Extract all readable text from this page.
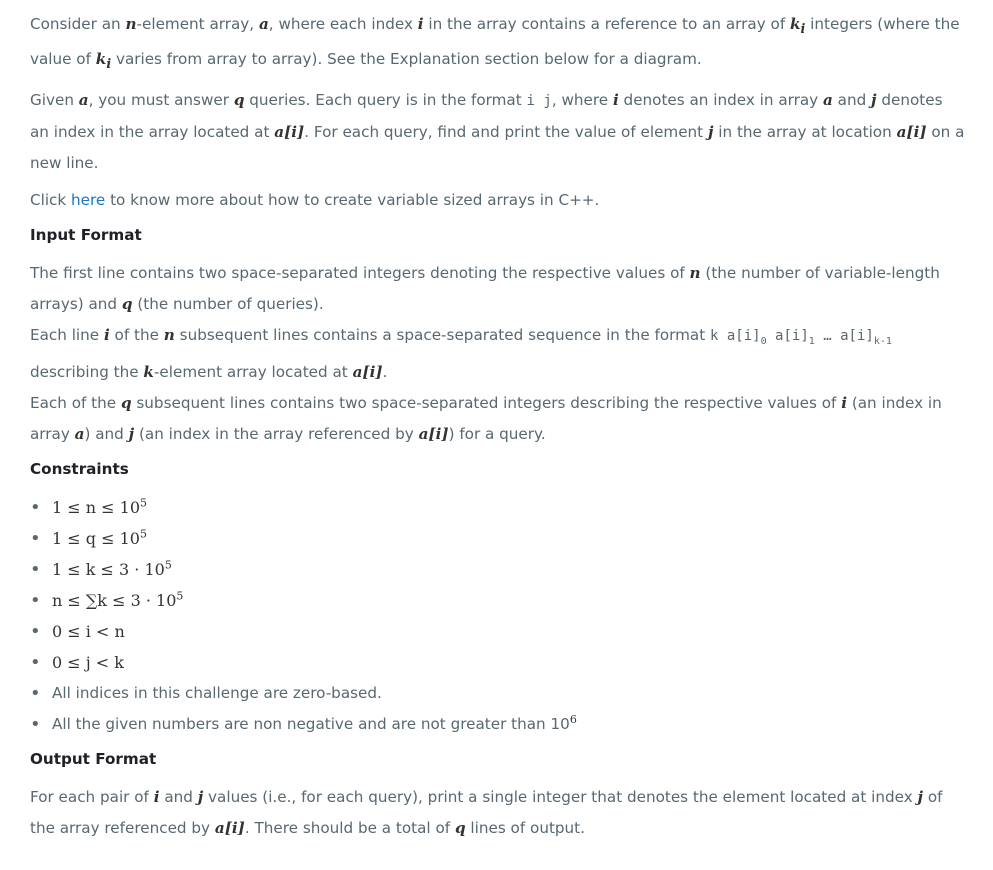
Consider an n-element array, a, where each index i in the array contains a reference to an array of $k_i$ integers (where the value of $k_i$ varies from array to array). See the Explanation section below for a diagram.

Given a, you must answer q queries. Each query is in the format i j, where i denotes an index in array a and j denotes an index in the array located at a[i]. For each query, find and print the value of element j in the array at location a[i] on a new line.

Click here to know more about how to create variable sized arrays in C++.

Input Format
The first line contains two space-separated integers denoting the respective values of n (the number of variable-length arrays) and q (the number of queries).
Each line i of the n subsequent lines contains a space-separated sequence in the format k $a[i]_0$ $a[i]_1$ … $a[i]_{k-1}$ describing the k-element array located at a[i].
Each of the q subsequent lines contains two space-separated integers describing the respective values of i (an index in array a) and j (an index in the array referenced by a[i]) for a query.
Constraints
• $1 \le n \le 10^5$
• $1 \le q \le 10^5$
• $1 \le k \le 3 \cdot 10^5$
• $n \le \sum k \le 3 \cdot 10^5$
• 0 ≤ i < n
• 0 ≤ j < k
• All indices in this challenge are zero-based.
• All the given numbers are non negative and are not greater than $10^6$
Output Format
For each pair of i and j values (i.e., for each query), print a single integer that denotes the element located at index j of the array referenced by a[i]. There should be a total of q lines of output.
